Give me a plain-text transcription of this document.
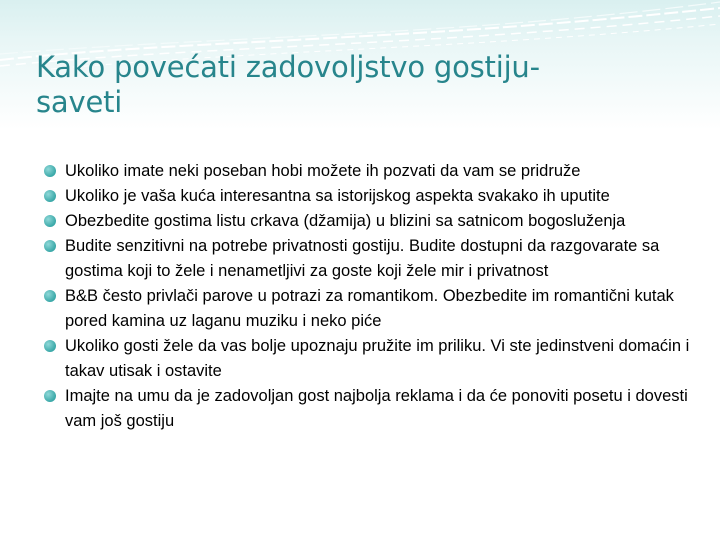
Kako povećati zadovoljstvo gostiju-
saveti
Ukoliko imate neki poseban hobi možete ih pozvati da vam se pridruže
Ukoliko je vaša kuća interesantna sa istorijskog aspekta svakako ih uputite
Obezbedite gostima listu crkava (džamija) u blizini sa satnicom bogosluženja
Budite senzitivni na potrebe privatnosti gostiju. Budite dostupni da razgovarate sa gostima koji to žele i nenametljivi za goste koji žele mir i privatnost
B&B često privlači parove u potrazi za romantikom. Obezbedite im romantični kutak pored kamina uz laganu muziku i neko piće
Ukoliko gosti žele da vas bolje upoznaju pružite im priliku. Vi ste jedinstveni domaćin i takav utisak i ostavite
Imajte na umu da je zadovoljan gost najbolja reklama i da će ponoviti posetu i dovesti vam još gostiju
